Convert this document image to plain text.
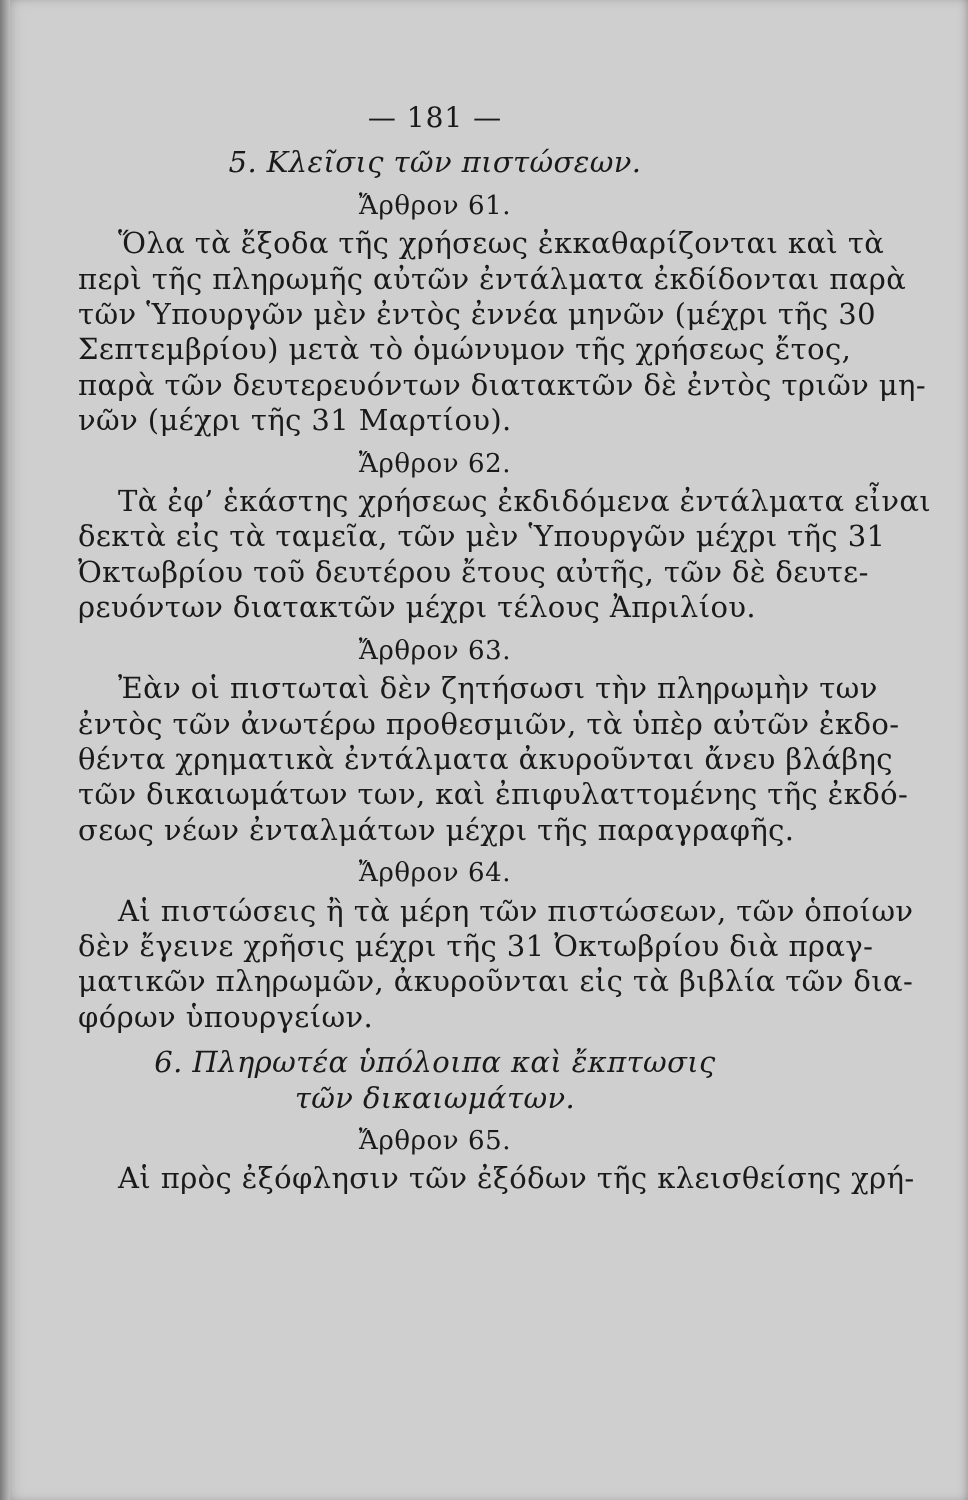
— 181 —
5. Κλεῖσις τῶν πιστώσεων.
Ἄρθρον 61.
Ὅλα τὰ ἔξοδα τῆς χρήσεως ἐκκαθαρίζονται καὶ τὰ
περὶ τῆς πληρωμῆς αὐτῶν ἐντάλματα ἐκδίδονται παρὰ
τῶν Ὑπουργῶν μὲν ἐντὸς ἐννέα μηνῶν (μέχρι τῆς 30
Σεπτεμβρίου) μετὰ τὸ ὁμώνυμον τῆς χρήσεως ἔτος,
παρὰ τῶν δευτερευόντων διατακτῶν δὲ ἐντὸς τριῶν μη-
νῶν (μέχρι τῆς 31 Μαρτίου).
Ἄρθρον 62.
Τὰ ἐφ’ ἑκάστης χρήσεως ἐκδιδόμενα ἐντάλματα εἶναι
δεκτὰ εἰς τὰ ταμεῖα, τῶν μὲν Ὑπουργῶν μέχρι τῆς 31
Ὀκτωβρίου τοῦ δευτέρου ἔτους αὐτῆς, τῶν δὲ δευτε-
ρευόντων διατακτῶν μέχρι τέλους Ἀπριλίου.
Ἄρθρον 63.
Ἐὰν οἱ πιστωταὶ δὲν ζητήσωσι τὴν πληρωμὴν των
ἐντὸς τῶν ἀνωτέρω προθεσμιῶν, τὰ ὑπὲρ αὐτῶν ἐκδο-
θέντα χρηματικὰ ἐντάλματα ἀκυροῦνται ἄνευ βλάβης
τῶν δικαιωμάτων των, καὶ ἐπιφυλαττομένης τῆς ἐκδό-
σεως νέων ἐνταλμάτων μέχρι τῆς παραγραφῆς.
Ἄρθρον 64.
Αἱ πιστώσεις ἢ τὰ μέρη τῶν πιστώσεων, τῶν ὁποίων
δὲν ἔγεινε χρῆσις μέχρι τῆς 31 Ὀκτωβρίου διὰ πραγ-
ματικῶν πληρωμῶν, ἀκυροῦνται εἰς τὰ βιβλία τῶν δια-
φόρων ὑπουργείων.
6. Πληρωτέα ὑπόλοιπα καὶ ἔκπτωσις
τῶν δικαιωμάτων.
Ἄρθρον 65.
Αἱ πρὸς ἐξόφλησιν τῶν ἐξόδων τῆς κλεισθείσης χρή-
